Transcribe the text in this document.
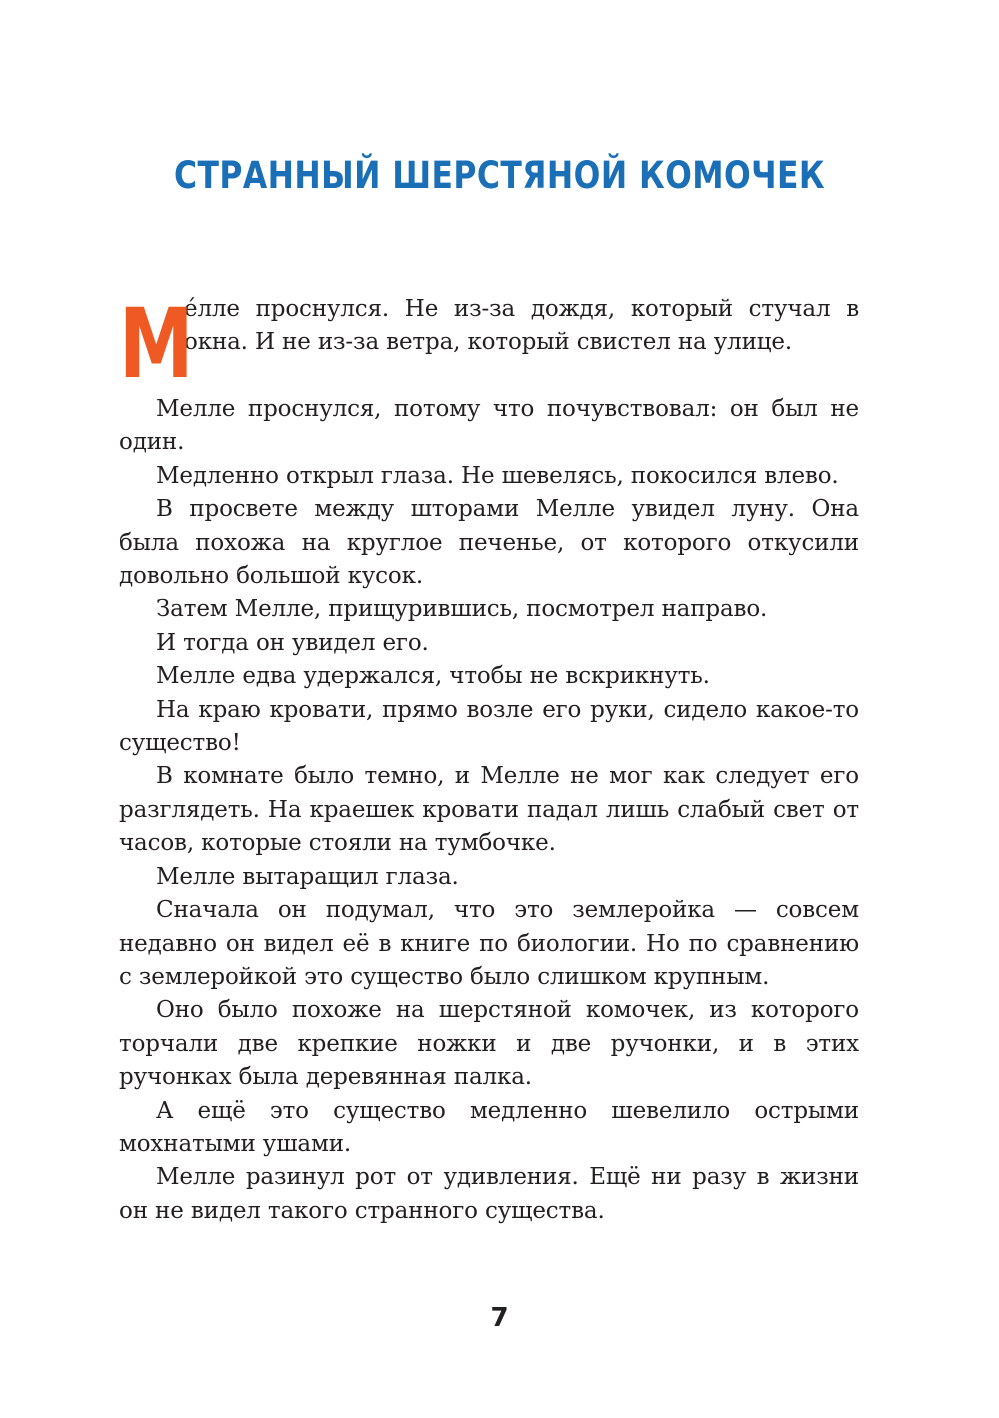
СТРАННЫЙ ШЕРСТЯНОЙ КОМОЧЕК

М
е́лле проснулся. Не из-за дождя, который стучал в окна. И не из-за ветра, который свистел на улице.

Мелле проснулся, потому что почувствовал: он был не один.

Медленно открыл глаза. Не шевелясь, покосился влево.

В просвете между шторами Мелле увидел луну. Она была похожа на круглое печенье, от которого откусили довольно большой кусок.

Затем Мелле, прищурившись, посмотрел направо.

И тогда он увидел его.

Мелле едва удержался, чтобы не вскрикнуть.

На краю кровати, прямо возле его руки, сидело какое-то существо!

В комнате было темно, и Мелле не мог как следует его разглядеть. На краешек кровати падал лишь слабый свет от часов, которые стояли на тумбочке.

Мелле вытаращил глаза.

Сначала он подумал, что это землеройка — совсем недавно он видел её в книге по биологии. Но по сравнению с землеройкой это существо было слишком крупным.

Оно было похоже на шерстяной комочек, из которого торчали две крепкие ножки и две ручонки, и в этих ручонках была деревянная палка.

А ещё это существо медленно шевелило острыми мохнатыми ушами.

Мелле разинул рот от удивления. Ещё ни разу в жизни он не видел такого странного существа.

7
